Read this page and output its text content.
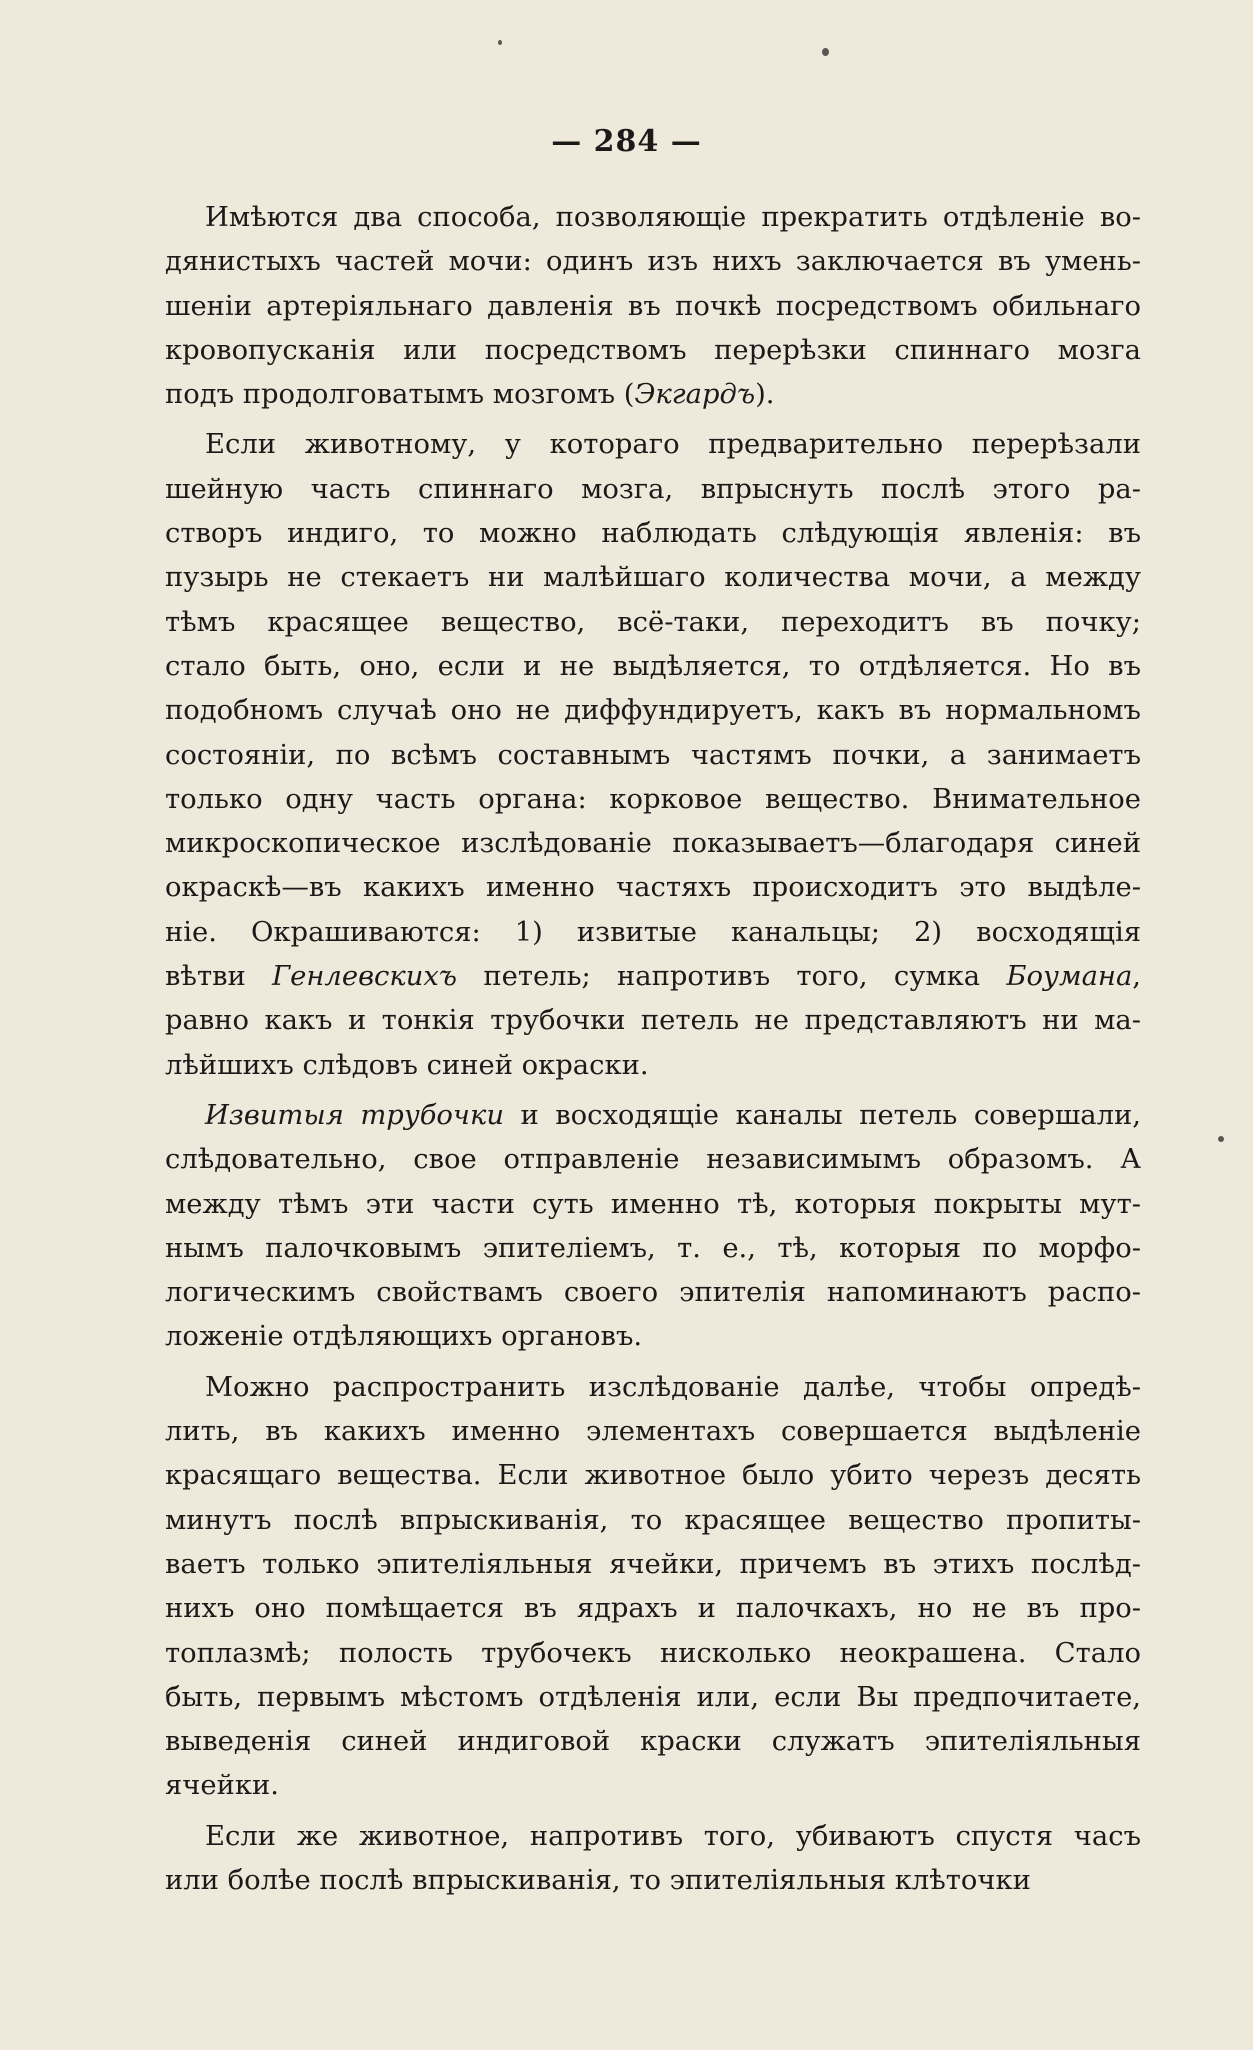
— 284 —
Имѣются два способа, позволяющіе прекратить отдѣленіе во-
дянистыхъ частей мочи: одинъ изъ нихъ заключается въ умень-
шеніи артеріяльнаго давленія въ почкѣ посредствомъ обильнаго
кровопусканія или посредствомъ перерѣзки спиннаго мозга
подъ продолговатымъ мозгомъ (Экгардъ).
Если животному, у котораго предварительно перерѣзали
шейную часть спиннаго мозга, впрыснуть послѣ этого ра-
створъ индиго, то можно наблюдать слѣдующія явленія: въ
пузырь не стекаетъ ни малѣйшаго количества мочи, а между
тѣмъ красящее вещество, всё-таки, переходитъ въ почку;
стало быть, оно, если и не выдѣляется, то отдѣляется. Но въ
подобномъ случаѣ оно не диффундируетъ, какъ въ нормальномъ
состояніи, по всѣмъ составнымъ частямъ почки, а занимаетъ
только одну часть органа: корковое вещество. Внимательное
микроскопическое изслѣдованіе показываетъ—благодаря синей
окраскѣ—въ какихъ именно частяхъ происходитъ это выдѣле-
ніе. Окрашиваются: 1) извитые канальцы; 2) восходящія
вѣтви Генлевскихъ петель; напротивъ того, сумка Боумана,
равно какъ и тонкія трубочки петель не представляютъ ни ма-
лѣйшихъ слѣдовъ синей окраски.
Извитыя трубочки и восходящіе каналы петель совершали,
слѣдовательно, свое отправленіе независимымъ образомъ. А
между тѣмъ эти части суть именно тѣ, которыя покрыты мут-
нымъ палочковымъ эпителіемъ, т. е., тѣ, которыя по морфо-
логическимъ свойствамъ своего эпителія напоминаютъ распо-
ложеніе отдѣляющихъ органовъ.
Можно распространить изслѣдованіе далѣе, чтобы опредѣ-
лить, въ какихъ именно элементахъ совершается выдѣленіе
красящаго вещества. Если животное было убито черезъ десять
минутъ послѣ впрыскиванія, то красящее вещество пропиты-
ваетъ только эпителіяльныя ячейки, причемъ въ этихъ послѣд-
нихъ оно помѣщается въ ядрахъ и палочкахъ, но не въ про-
топлазмѣ; полость трубочекъ нисколько неокрашена. Стало
быть, первымъ мѣстомъ отдѣленія или, если Вы предпочитаете,
выведенія синей индиговой краски служатъ эпителіяльныя
ячейки.
Если же животное, напротивъ того, убиваютъ спустя часъ
или болѣе послѣ впрыскиванія, то эпителіяльныя клѣточки
